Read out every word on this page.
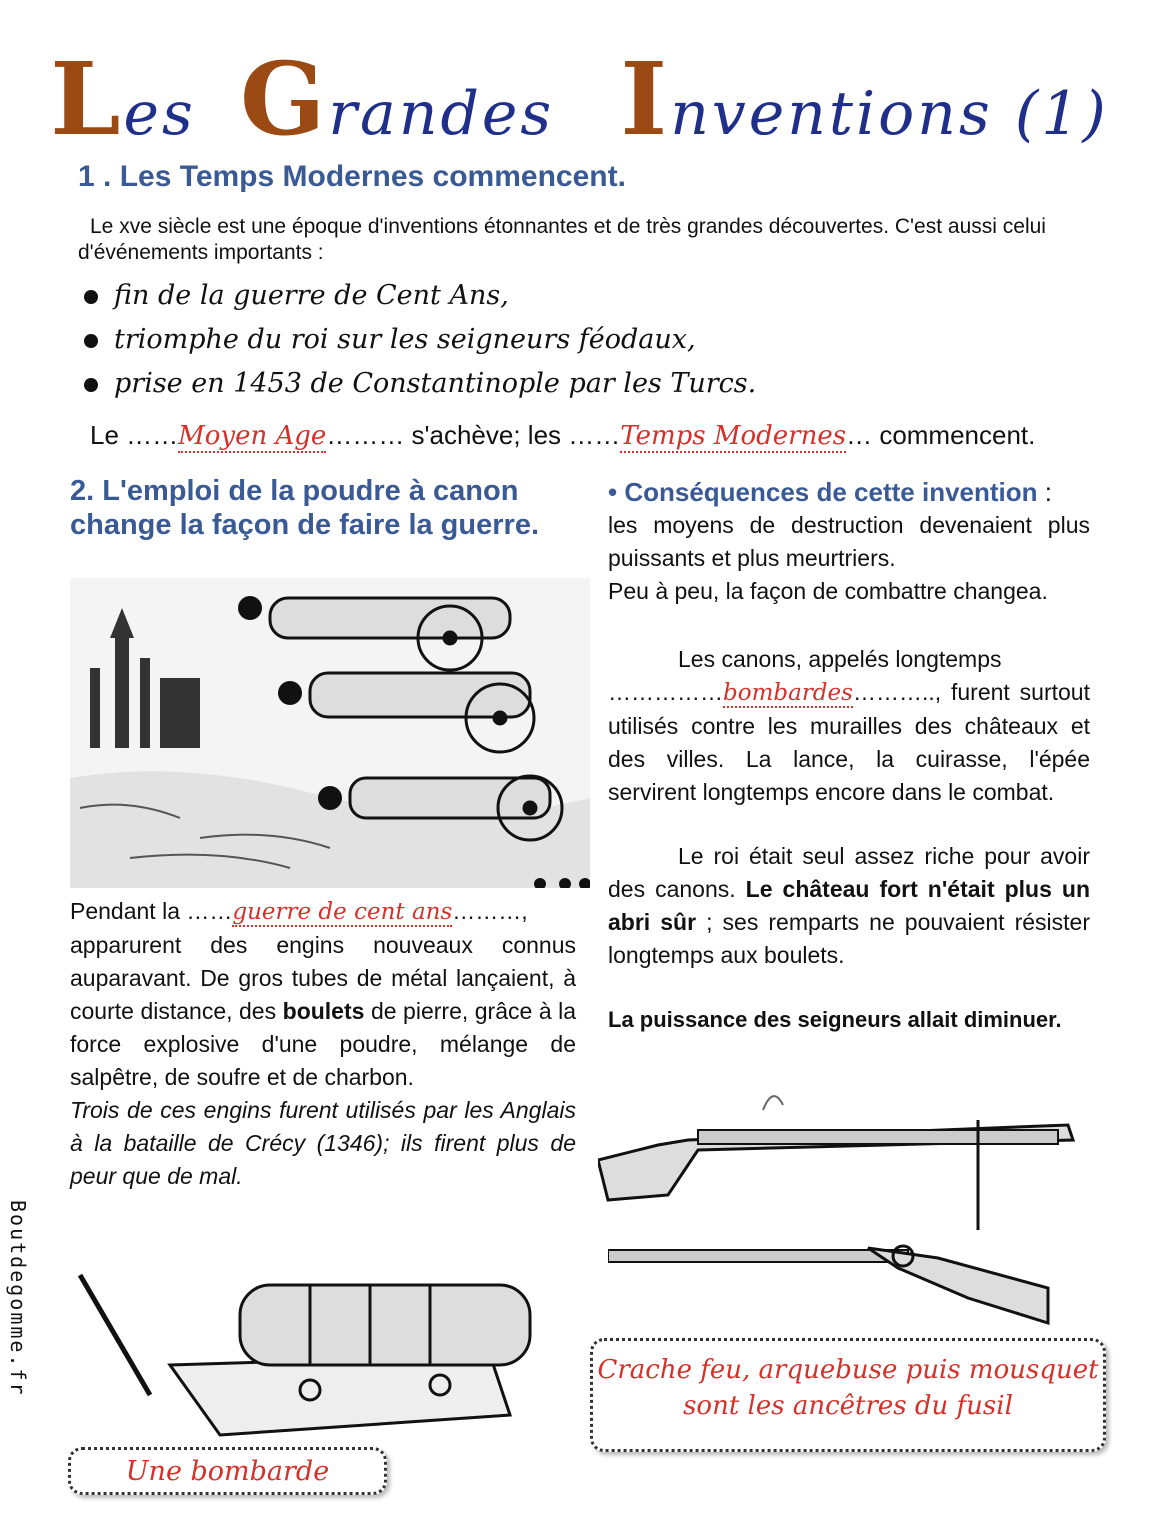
Les Grandes Inventions (1)
1 . Les Temps Modernes commencent.
Le xve siècle est une époque d'inventions étonnantes et de très grandes découvertes. C'est aussi celui d'événements importants :
fin de la guerre de Cent Ans,
triomphe du roi sur les seigneurs féodaux,
prise en 1453 de Constantinople par les Turcs.
Le ……Moyen Age……… s'achève; les ……Temps Modernes… commencent.
2. L'emploi de la poudre à canon change la façon de faire la guerre.
Pendant la ……guerre de cent ans………,
apparurent des engins nouveaux connus auparavant. De gros tubes de métal lançaient, à courte distance, des boulets de pierre, grâce à la force explosive d'une poudre, mélange de salpêtre, de soufre et de charbon.
Trois de ces engins furent utilisés par les Anglais à la bataille de Crécy (1346); ils firent plus de peur que de mal.
Une bombarde
• Conséquences de cette invention :
les moyens de destruction devenaient plus puissants et plus meurtriers.
Peu à peu, la façon de combattre changea.
Les canons, appelés longtemps
……………bombardes……….., furent surtout utilisés contre les murailles des châteaux et des villes. La lance, la cuirasse, l'épée servirent longtemps encore dans le combat.
Le roi était seul assez riche pour avoir des canons. Le château fort n'était plus un abri sûr ; ses remparts ne pouvaient résister longtemps aux boulets.
La puissance des seigneurs allait diminuer.
Crache feu, arquebuse puis mousquet
sont les ancêtres du fusil
Boutdegomme.fr
